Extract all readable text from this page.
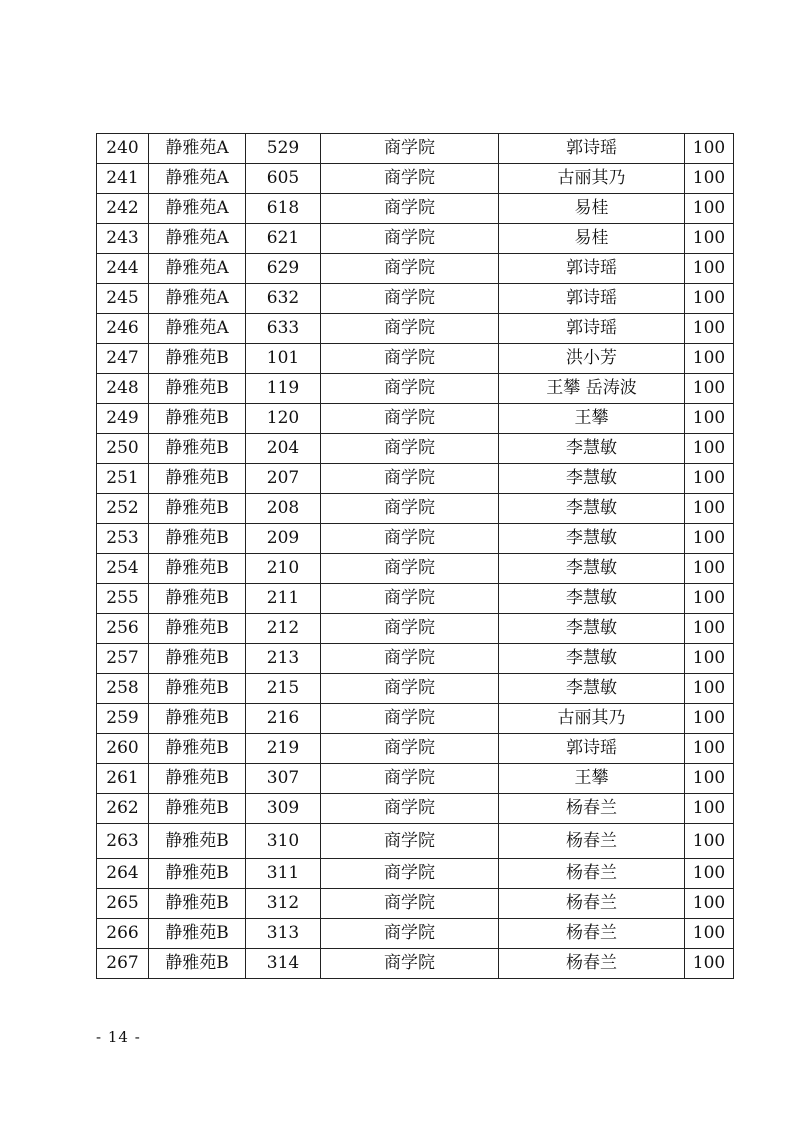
240	静雅苑A	529	商学院	郭诗瑶	100
241	静雅苑A	605	商学院	古丽其乃	100
242	静雅苑A	618	商学院	易桂	100
243	静雅苑A	621	商学院	易桂	100
244	静雅苑A	629	商学院	郭诗瑶	100
245	静雅苑A	632	商学院	郭诗瑶	100
246	静雅苑A	633	商学院	郭诗瑶	100
247	静雅苑B	101	商学院	洪小芳	100
248	静雅苑B	119	商学院	王攀 岳涛波	100
249	静雅苑B	120	商学院	王攀	100
250	静雅苑B	204	商学院	李慧敏	100
251	静雅苑B	207	商学院	李慧敏	100
252	静雅苑B	208	商学院	李慧敏	100
253	静雅苑B	209	商学院	李慧敏	100
254	静雅苑B	210	商学院	李慧敏	100
255	静雅苑B	211	商学院	李慧敏	100
256	静雅苑B	212	商学院	李慧敏	100
257	静雅苑B	213	商学院	李慧敏	100
258	静雅苑B	215	商学院	李慧敏	100
259	静雅苑B	216	商学院	古丽其乃	100
260	静雅苑B	219	商学院	郭诗瑶	100
261	静雅苑B	307	商学院	王攀	100
262	静雅苑B	309	商学院	杨春兰	100
263	静雅苑B	310	商学院	杨春兰	100
264	静雅苑B	311	商学院	杨春兰	100
265	静雅苑B	312	商学院	杨春兰	100
266	静雅苑B	313	商学院	杨春兰	100
267	静雅苑B	314	商学院	杨春兰	100
- 14 -
